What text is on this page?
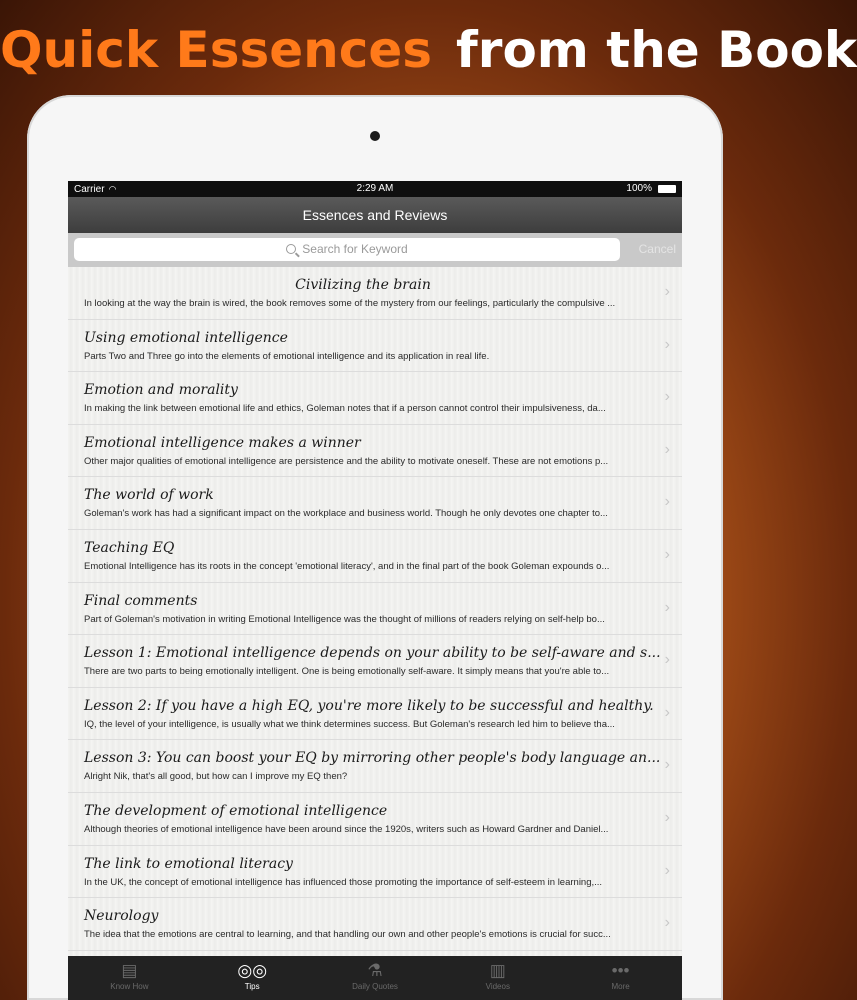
Quick Essences from the Book
Carrier ◠	2:29 AM	100%
Essences and Reviews
Search for Keyword	Cancel
Civilizing the brain
In looking at the way the brain is wired, the book removes some of the mystery from our feelings, particularly the compulsive ...
›
Using emotional intelligence
Parts Two and Three go into the elements of emotional intelligence and its application in real life.
›
Emotion and morality
In making the link between emotional life and ethics, Goleman notes that if a person cannot control their impulsiveness, da...
›
Emotional intelligence makes a winner
Other major qualities of emotional intelligence are persistence and the ability to motivate oneself. These are not emotions p...
›
The world of work
Goleman's work has had a significant impact on the workplace and business world. Though he only devotes one chapter to...
›
Teaching EQ
Emotional Intelligence has its roots in the concept 'emotional literacy', and in the final part of the book Goleman expounds o...
›
Final comments
Part of Goleman's motivation in writing Emotional Intelligence was the thought of millions of readers relying on self-help bo...
›
Lesson 1: Emotional intelligence depends on your ability to be self-aware and s...
There are two parts to being emotionally intelligent. One is being emotionally self-aware. It simply means that you're able to...
›
Lesson 2: If you have a high EQ, you're more likely to be successful and healthy.
IQ, the level of your intelligence, is usually what we think determines success. But Goleman's research led him to believe tha...
›
Lesson 3: You can boost your EQ by mirroring other people's body language an...
Alright Nik, that's all good, but how can I improve my EQ then?
›
The development of emotional intelligence
Although theories of emotional intelligence have been around since the 1920s, writers such as Howard Gardner and Daniel...
›
The link to emotional literacy
In the UK, the concept of emotional intelligence has influenced those promoting the importance of self-esteem in learning,...
›
Neurology
The idea that the emotions are central to learning, and that handling our own and other people's emotions is crucial for succ...
›
▤
Know How
◎◎
Tips
⚗
Daily Quotes
▥
Videos
•••
More
